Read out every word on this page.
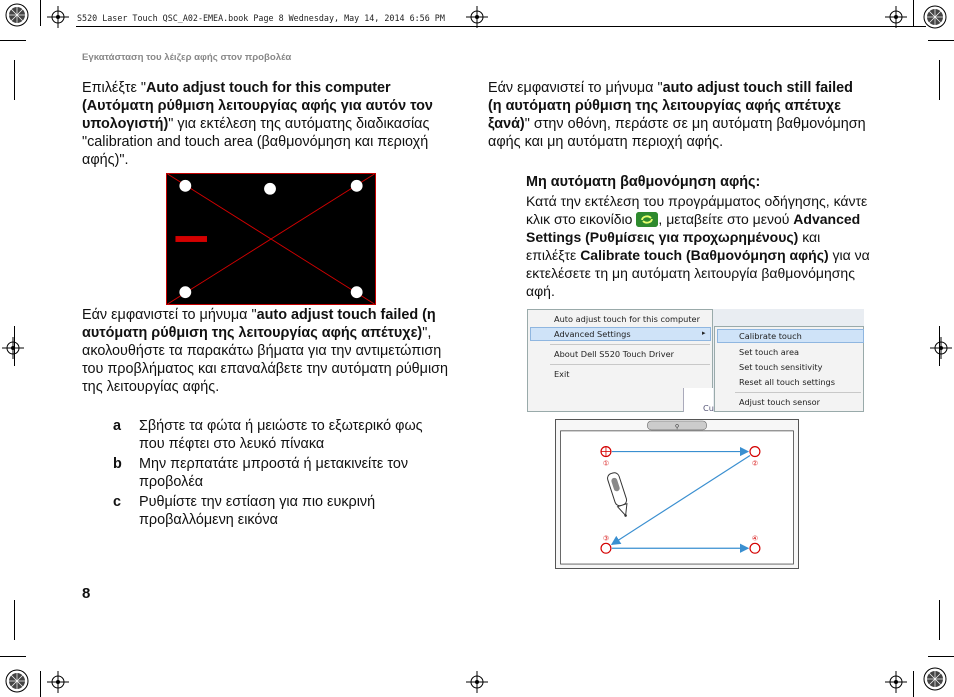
S520 Laser Touch QSC_A02-EMEA.book Page 8 Wednesday, May 14, 2014 6:56 PM
Εγκατάσταση του λέιζερ αφής στον προβολέα
Επιλέξτε "Auto adjust touch for this computer (Αυτόματη ρύθμιση λειτουργίας αφής για αυτόν τον υπολογιστή)" για εκτέλεση της αυτόματης διαδικασίας "calibration and touch area (βαθμονόμηση και περιοχή αφής)".
Εάν εμφανιστεί το μήνυμα "auto adjust touch failed (η αυτόματη ρύθμιση της λειτουργίας αφής απέτυχε)", ακολουθήστε τα παρακάτω βήματα για την αντιμετώπιση του προβλήματος και επαναλάβετε την αυτόματη ρύθμιση της λειτουργίας αφής.
a Σβήστε τα φώτα ή μειώστε το εξωτερικό φως που πέφτει στο λευκό πίνακα
b Μην περπατάτε μπροστά ή μετακινείτε τον προβολέα
c Ρυθμίστε την εστίαση για πιο ευκρινή προβαλλόμενη εικόνα
8
Εάν εμφανιστεί το μήνυμα "auto adjust touch still failed (η αυτόματη ρύθμιση της λειτουργίας αφής απέτυχε ξανά)" στην οθόνη, περάστε σε μη αυτόματη βαθμονόμηση αφής και μη αυτόματη περιοχή αφής.
Μη αυτόματη βαθμονόμηση αφής:
Κατά την εκτέλεση του προγράμματος οδήγησης, κάντε κλικ στο εικονίδιο , μεταβείτε στο μενού Advanced Settings (Ρυθμίσεις για προχωρημένους) και επιλέξτε Calibrate touch (Βαθμονόμηση αφής) για να εκτελέσετε τη μη αυτόματη λειτουργία βαθμονόμησης αφή.
Auto adjust touch for this computer
Advanced Settings	▸
About Dell S520 Touch Driver
Exit
Cu
Calibrate touch
Set touch area
Set touch sensitivity
Reset all touch settings
Adjust touch sensor
⚲
①	②
③	④
